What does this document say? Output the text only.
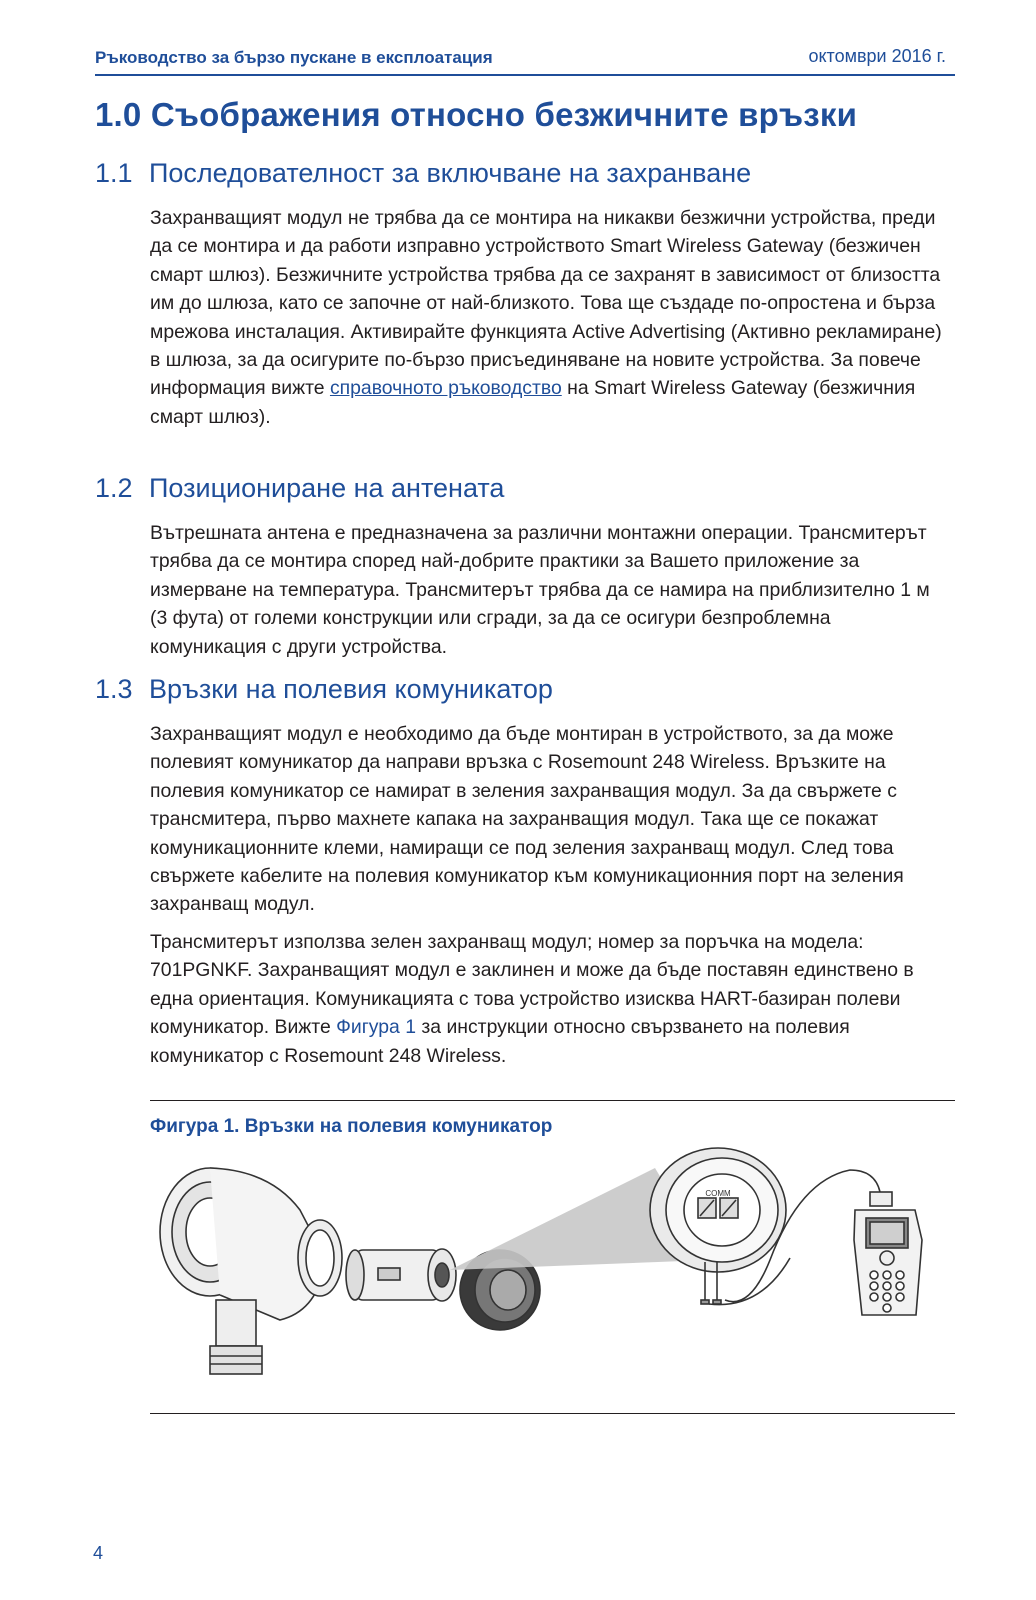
Ръководство за бързо пускане в експлоатация	октомври 2016 г.
1.0 Съображения относно безжичните връзки
1.1 Последователност за включване на захранване
Захранващият модул не трябва да се монтира на никакви безжични устройства, преди да се монтира и да работи изправно устройството Smart Wireless Gateway (безжичен смарт шлюз). Безжичните устройства трябва да се захранят в зависимост от близостта им до шлюза, като се започне от най-близкото. Това ще създаде по-опростена и бърза мрежова инсталация. Активирайте функцията Active Advertising (Активно рекламиране) в шлюза, за да осигурите по-бързо присъединяване на новите устройства. За повече информация вижте справочното ръководство на Smart Wireless Gateway (безжичния смарт шлюз).
1.2 Позициониране на антената
Вътрешната антена е предназначена за различни монтажни операции. Трансмитерът трябва да се монтира според най-добрите практики за Вашето приложение за измерване на температура. Трансмитерът трябва да се намира на приблизително 1 м (3 фута) от големи конструкции или сгради, за да се осигури безпроблемна комуникация с други устройства.
1.3 Връзки на полевия комуникатор
Захранващият модул е необходимо да бъде монтиран в устройството, за да може полевият комуникатор да направи връзка с Rosemount 248 Wireless. Връзките на полевия комуникатор се намират в зеления захранващия модул. За да свържете с трансмитера, първо махнете капака на захранващия модул. Така ще се покажат комуникационните клеми, намиращи се под зеления захранващ модул. След това свържете кабелите на полевия комуникатор към комуникационния порт на зеления захранващ модул.
Трансмитерът използва зелен захранващ модул; номер за поръчка на модела: 701PGNKF. Захранващият модул е заклинен и може да бъде поставян единствено в една ориентация. Комуникацията с това устройство изисква HART-базиран полеви комуникатор. Вижте Фигура 1 за инструкции относно свързването на полевия комуникатор с Rosemount 248 Wireless.
Фигура 1. Връзки на полевия комуникатор
COMM
4
